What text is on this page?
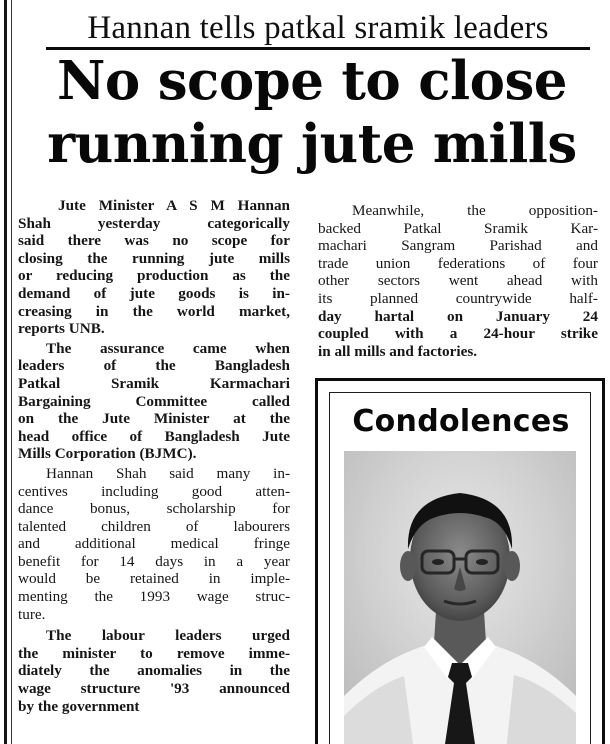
Hannan tells patkal sramik leaders
No scope to close
running jute mills
Jute Minister A S M Hannan
Shah yesterday categorically
said there was no scope for
closing the running jute mills
or reducing production as the
demand of jute goods is in-
creasing in the world market,
reports UNB.
The assurance came when
leaders of the Bangladesh
Patkal Sramik Karmachari
Bargaining Committee called
on the Jute Minister at the
head office of Bangladesh Jute
Mills Corporation (BJMC).
Hannan Shah said many in-
centives including good atten-
dance bonus, scholarship for
talented children of labourers
and additional medical fringe
benefit for 14 days in a year
would be retained in imple-
menting the 1993 wage struc-
ture.
The labour leaders urged
the minister to remove imme-
diately the anomalies in the
wage structure '93 announced
by the government
Meanwhile, the opposition-
backed Patkal Sramik Kar-
machari Sangram Parishad and
trade union federations of four
other sectors went ahead with
its planned countrywide half-
day hartal on January 24
coupled with a 24-hour strike
in all mills and factories.
Condolences
